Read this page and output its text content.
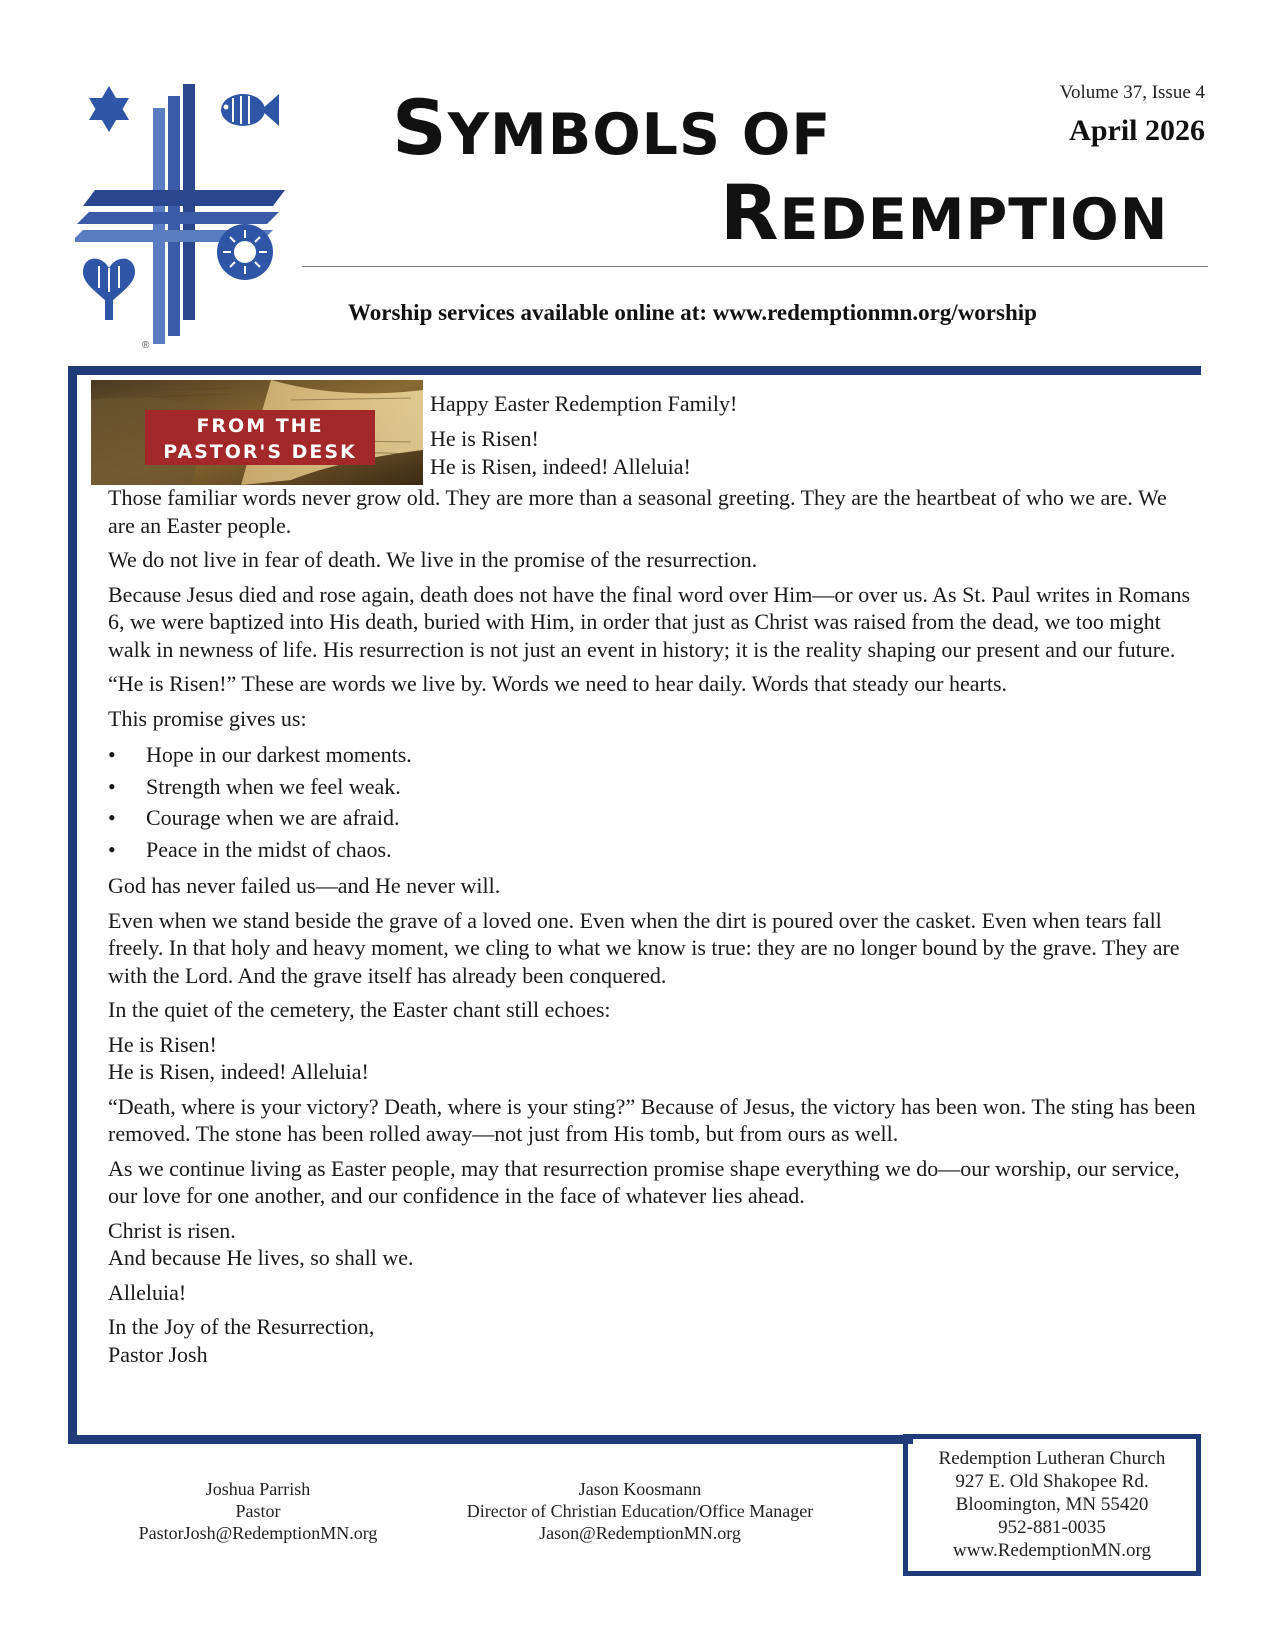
®
SYMBOLS OF
REDEMPTION
Volume 37, Issue 4
April 2026
Worship services available online at: www.redemptionmn.org/worship
FROM THE
PASTOR'S DESK

Happy Easter Redemption Family!

He is Risen!

He is Risen, indeed! Alleluia!

Those familiar words never grow old. They are more than a seasonal greeting. They are the heartbeat of who we are. We are an Easter people.

We do not live in fear of death. We live in the promise of the resurrection.

Because Jesus died and rose again, death does not have the final word over Him—or over us. As St. Paul writes in Romans 6, we were baptized into His death, buried with Him, in order that just as Christ was raised from the dead, we too might walk in newness of life. His resurrection is not just an event in history; it is the reality shaping our present and our future.

“He is Risen!” These are words we live by. Words we need to hear daily. Words that steady our hearts.

This promise gives us:

• Hope in our darkest moments.
• Strength when we feel weak.
• Courage when we are afraid.
• Peace in the midst of chaos.

God has never failed us—and He never will.

Even when we stand beside the grave of a loved one. Even when the dirt is poured over the casket. Even when tears fall freely. In that holy and heavy moment, we cling to what we know is true: they are no longer bound by the grave. They are with the Lord. And the grave itself has already been conquered.

In the quiet of the cemetery, the Easter chant still echoes:

He is Risen!

He is Risen, indeed! Alleluia!

“Death, where is your victory? Death, where is your sting?” Because of Jesus, the victory has been won. The sting has been removed. The stone has been rolled away—not just from His tomb, but from ours as well.

As we continue living as Easter people, may that resurrection promise shape everything we do—our worship, our service, our love for one another, and our confidence in the face of whatever lies ahead.

Christ is risen.

And because He lives, so shall we.

Alleluia!

In the Joy of the Resurrection,

Pastor Josh

Joshua Parrish
Pastor
PastorJosh@RedemptionMN.org
Jason Koosmann
Director of Christian Education/Office Manager
Jason@RedemptionMN.org
Redemption Lutheran Church
927 E. Old Shakopee Rd.
Bloomington, MN 55420
952-881-0035
www.RedemptionMN.org
